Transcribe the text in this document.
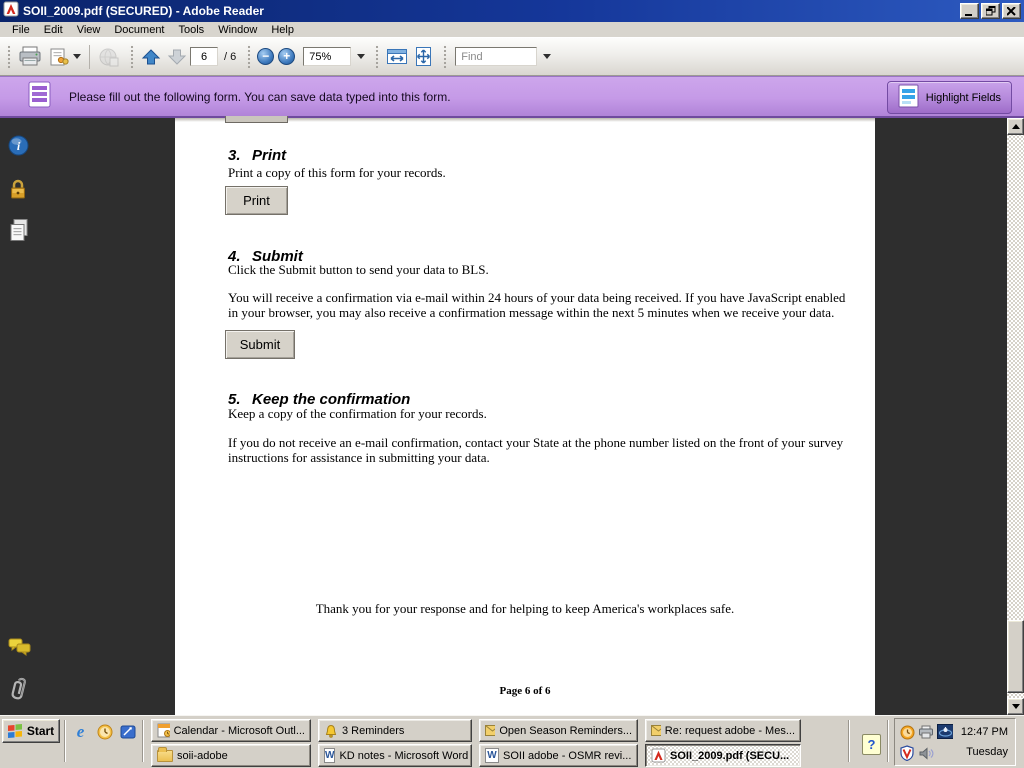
SOII_2009.pdf (SECURED) - Adobe Reader
File	Edit	View	Document	Tools	Window	Help
6
/ 6 − +	75%
Find
Please fill out the following form. You can save data typed into this form.	Highlight Fields
i
3. Print
Print a copy of this form for your records.
Print
4. Submit
Click the Submit button to send your data to BLS.
You will receive a confirmation via e-mail within 24 hours of your data being received. If you have JavaScript enabled in your browser, you may also receive a confirmation message within the next 5 minutes when we receive your data.
Submit
5. Keep the confirmation
Keep a copy of the confirmation for your records.
If you do not receive an e-mail confirmation, contact your State at the phone number listed on the front of your survey instructions for assistance in submitting your data.
Thank you for your response and for helping to keep America's workplaces safe.
Page 6 of 6
Start e	Calendar - Microsoft Outl...	3 Reminders	Open Season Reminders...	Re: request adobe - Mes...
soii-adobe W	KD notes - Microsoft Word W	SOII adobe - OSMR revi...	SOII_2009.pdf (SECU...
?
12:47 PM
Tuesday
